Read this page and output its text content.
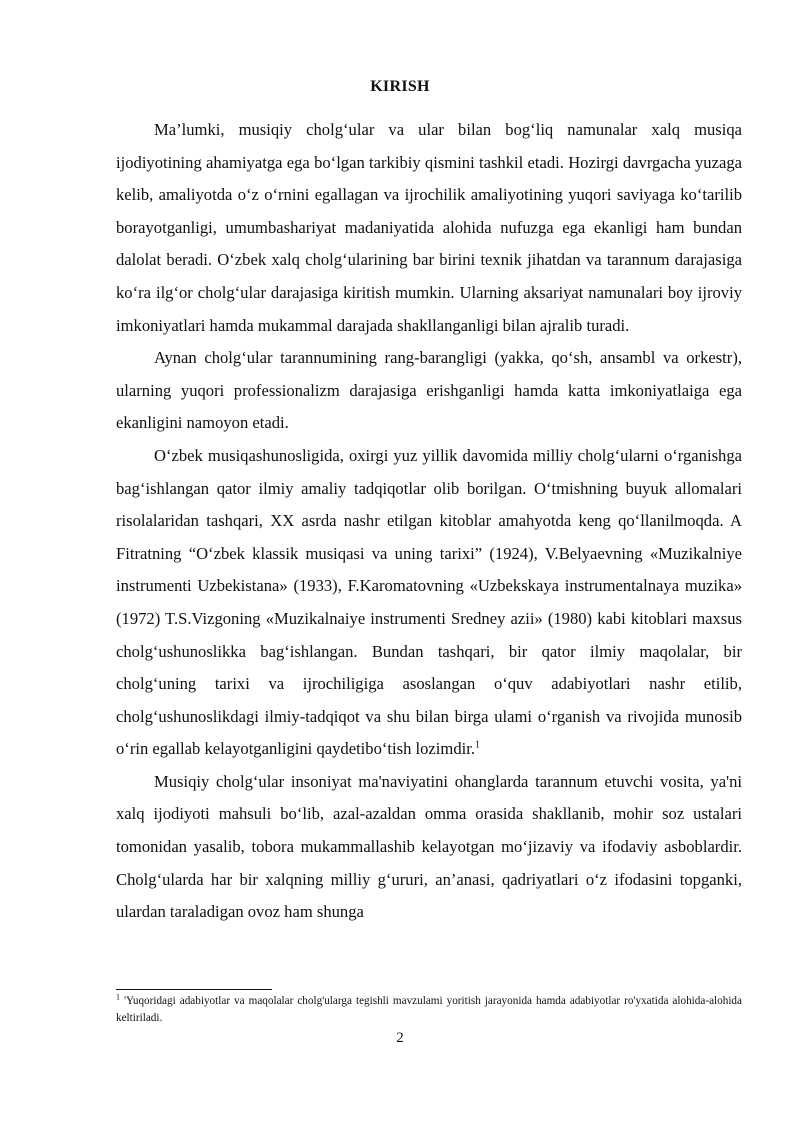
KIRISH

Ma’lumki, musiqiy cholg‘ular va ular bilan bog‘liq namunalar xalq musiqa ijodiyotining ahamiyatga ega bo‘lgan tarkibiy qismini tashkil etadi. Hozirgi davrgacha yuzaga kelib, amaliyotda o‘z o‘rnini egallagan va ijrochilik amaliyotining yuqori saviyaga ko‘tarilib borayotganligi, umumbashariyat madaniyatida alohida nufuzga ega ekanligi ham bundan dalolat beradi. O‘zbek xalq cholg‘ularining bar birini texnik jihatdan va tarannum darajasiga ko‘ra ilg‘or cholg‘ular darajasiga kiritish mumkin. Ularning aksariyat namunalari boy ijroviy imkoniyatlari hamda mukammal darajada shakllanganligi bilan ajralib turadi.

Aynan cholg‘ular tarannumining rang-barangligi (yakka, qo‘sh, ansambl va orkestr), ularning yuqori professionalizm darajasiga erishganligi hamda katta imkoniyatlaiga ega ekanligini namoyon etadi.

O‘zbek musiqashunosligida, oxirgi yuz yillik davomida milliy cholg‘ularni o‘rganishga bag‘ishlangan qator ilmiy amaliy tadqiqotlar olib borilgan. O‘tmishning buyuk allomalari risolalaridan tashqari, XX asrda nashr etilgan kitoblar amahyotda keng qo‘llanilmoqda. A Fitratning “O‘zbek klassik musiqasi va uning tarixi” (1924), V.Belyaevning «Muzikalniye instrumenti Uzbekistana» (1933), F.Karomatovning «Uzbekskaya instrumentalnaya muzika» (1972) T.S.Vizgoning «Muzikalnaiye instrumenti Sredney azii» (1980) kabi kitoblari maxsus cholg‘ushunoslikka bag‘ishlangan. Bundan tashqari, bir qator ilmiy maqolalar, bir cholg‘uning tarixi va ijrochiligiga asoslangan o‘quv adabiyotlari nashr etilib, cholg‘ushunoslikdagi ilmiy-tadqiqot va shu bilan birga ulami o‘rganish va rivojida munosib o‘rin egallab kelayotganligini qaydetibo‘tish lozimdir.$^1$

Musiqiy cholg‘ular insoniyat ma'naviyatini ohanglarda tarannum etuvchi vosita, ya'ni xalq ijodiyoti mahsuli bo‘lib, azal-azaldan omma orasida shakllanib, mohir soz ustalari tomonidan yasalib, tobora mukammallashib kelayotgan mo‘jizaviy va ifodaviy asboblardir. Cholg‘ularda har bir xalqning milliy g‘ururi, an’anasi, qadriyatlari o‘z ifodasini topganki, ulardan taraladigan ovoz ham shunga

$^1$ 'Yuqoridagi adabiyotlar va maqolalar cholg'ularga tegishli mavzulami yoritish jarayonida hamda adabiyotlar ro'yxatida alohida-alohida keltiriladi.
2
